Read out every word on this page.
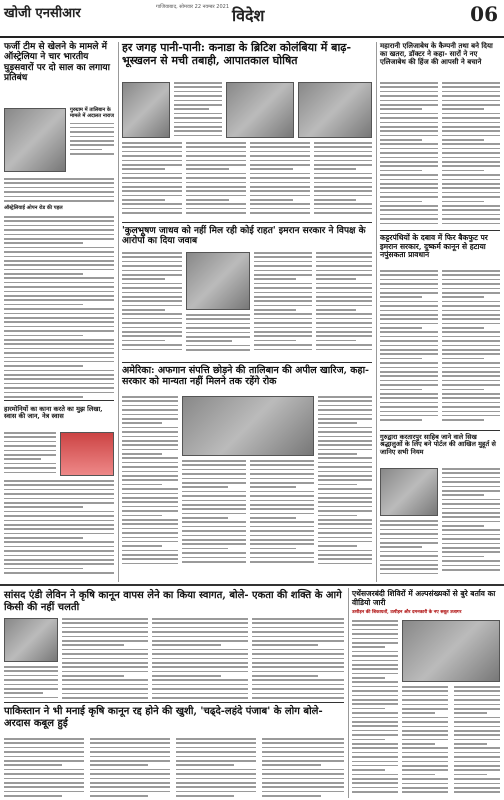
खोजी एनसीआर	गाजियाबाद, सोमवार 22 नवम्बर 2021 विदेश	06
फर्जी टीम से खेलने के मामले में ऑस्ट्रेलिया ने चार भारतीय घुड़सवारों पर दो साल का लगाया प्रतिबंध
गुरुग्राम में तालिबान के मामले में अदालत नाराज
ऑस्ट्रेलियाई ओपन रोड की पहल
हारमोनियों का काना करते का मुझ लिखा, स्वास की जान, नेत्र स्वास
हर जगह पानी-पानी: कनाडा के ब्रिटिश कोलंबिया में बाढ़-भूस्खलन से मची तबाही, आपातकाल घोषित
'कुलभूषण जाधव को नहीं मिल रही कोई राहत' इमरान सरकार ने विपक्ष के आरोपों का दिया जवाब
अमेरिका: अफगान संपत्ति छोड़ने की तालिबान की अपील खारिज, कहा- सरकार को मान्यता नहीं मिलने तक रहेंगे रोक
महारानी एलिजाबेथ के कैम्पनी तथा बने दिया का खतरा, डॉक्टर ने कहा- सारों ने नए एलिजाबेथ की हिंज की आपसी ने बचाने
कट्टरपंथियों के दबाव में फिर बैकफुट पर इमरान सरकार, दुष्कर्म कानून से हटाया नपुंसकता प्रावधान
गुरुद्वारा करतारपुर साहिब जाने वाले सिख श्रद्धालुओं के लिए बने पोर्टल की आखिल मुहूर्त से जानिए सभी नियम
सांसद एंडी लेविन ने कृषि कानून वापस लेने का किया स्वागत, बोले- एकता की शक्ति के आगे किसी की नहीं चलती
पाकिस्तान ने भी मनाई कृषि कानून रद्द होने की खुशी, 'चढ्दे-लहंदे पंजाब' के लोग बोले- अरदास कबूल हुई
एथेंसजरबंदी शिविरों में अल्पसंख्यकों से बुरे बर्ताव का वीडियो जारी
उत्पीड़न की शिकायतों, उत्पीड़न और दमनकारी के नए सबूत उजागर
